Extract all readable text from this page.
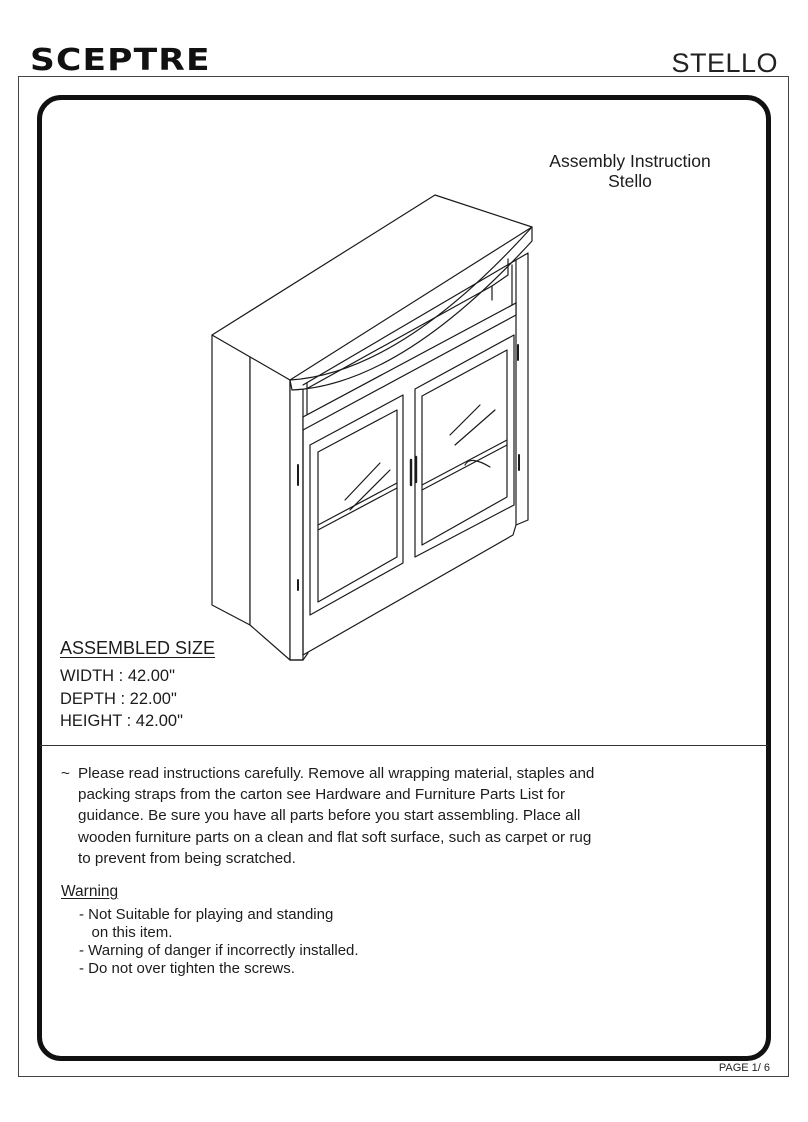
SCEPTRE	STELLO
Assembly Instruction
Stello
ASSEMBLED SIZE
WIDTH : 42.00"
DEPTH : 22.00"
HEIGHT : 42.00"
~ Please read instructions carefully. Remove all wrapping material, staples and
packing straps from the carton see Hardware and Furniture Parts List for
guidance. Be sure you have all parts before you start assembling. Place all
wooden furniture parts on a clean and flat soft surface, such as carpet or rug
to prevent from being scratched.
Warning
- Not Suitable for playing and standing
on this item.
- Warning of danger if incorrectly installed.
- Do not over tighten the screws.
PAGE 1/ 6
